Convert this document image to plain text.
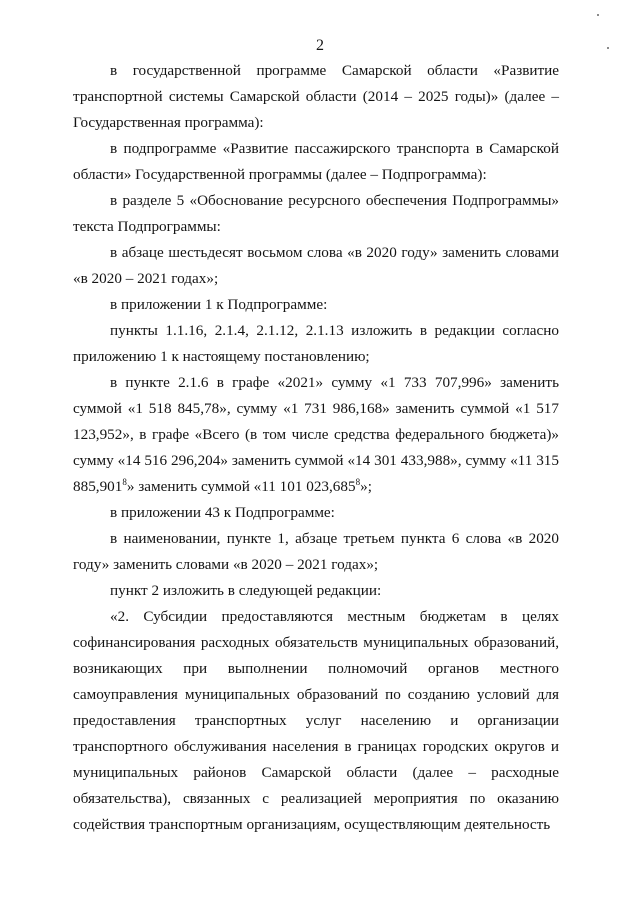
2

в государственной программе Самарской области «Развитие транспортной системы Самарской области (2014 – 2025 годы)» (далее – Государственная программа):

в подпрограмме «Развитие пассажирского транспорта в Самарской области» Государственной программы (далее – Подпрограмма):

в разделе 5 «Обоснование ресурсного обеспечения Подпрограммы» текста Подпрограммы:

в абзаце шестьдесят восьмом слова «в 2020 году» заменить словами «в 2020 – 2021 годах»;

в приложении 1 к Подпрограмме:

пункты 1.1.16, 2.1.4, 2.1.12, 2.1.13 изложить в редакции согласно приложению 1 к настоящему постановлению;

в пункте 2.1.6 в графе «2021» сумму «1 733 707,996» заменить суммой «1 518 845,78», сумму «1 731 986,168» заменить суммой «1 517 123,952», в графе «Всего (в том числе средства федерального бюджета)» сумму «14 516 296,204» заменить суммой «14 301 433,988», сумму «11 315 885,901$^8$» заменить суммой «11 101 023,685$^8$»;

в приложении 43 к Подпрограмме:

в наименовании, пункте 1, абзаце третьем пункта 6 слова «в 2020 году» заменить словами «в 2020 – 2021 годах»;

пункт 2 изложить в следующей редакции:

«2. Субсидии предоставляются местным бюджетам в целях софинансирования расходных обязательств муниципальных образований, возникающих при выполнении полномочий органов местного самоуправления муниципальных образований по созданию условий для предоставления транспортных услуг населению и организации транспортного обслуживания населения в границах городских округов и муниципальных районов Самарской области (далее – расходные обязательства), связанных с реализацией мероприятия по оказанию содействия транспортным организациям, осуществляющим деятельность
